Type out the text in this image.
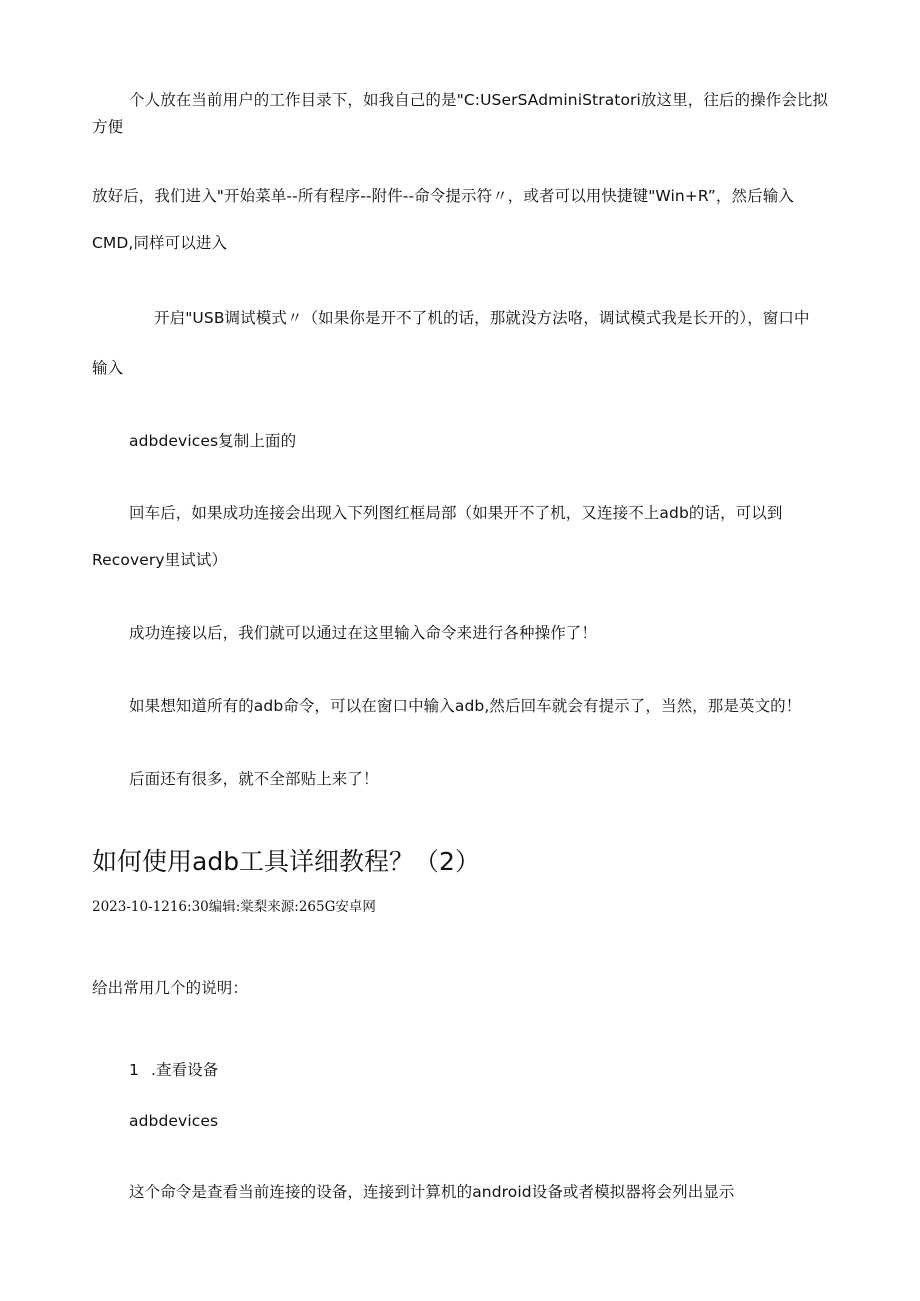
个人放在当前用户的工作目录下，如我自己的是"C:USerSAdminiStratori放这里，往后的操作会比拟

方便

放好后，我们进入"开始菜单--所有程序--附件--命令提示符〃，或者可以用快捷键"Win+R”，然后输入

CMD,同样可以进入

开启"USB调试模式〃（如果你是开不了机的话，那就没方法咯，调试模式我是长开的），窗口中

输入

adbdevices复制上面的

回车后，如果成功连接会出现入下列图红框局部（如果开不了机，又连接不上adb的话，可以到

Recovery里试试）

成功连接以后，我们就可以通过在这里输入命令来进行各种操作了！

如果想知道所有的adb命令，可以在窗口中输入adb,然后回车就会有提示了，当然，那是英文的！

后面还有很多，就不全部贴上来了！

如何使用adb工具详细教程？（2）

2023-10-1216:30编辑:棠梨来源:265G安卓网

给出常用几个的说明：

1 .查看设备

adbdevices

这个命令是查看当前连接的设备，连接到计算机的android设备或者模拟器将会列出显示
